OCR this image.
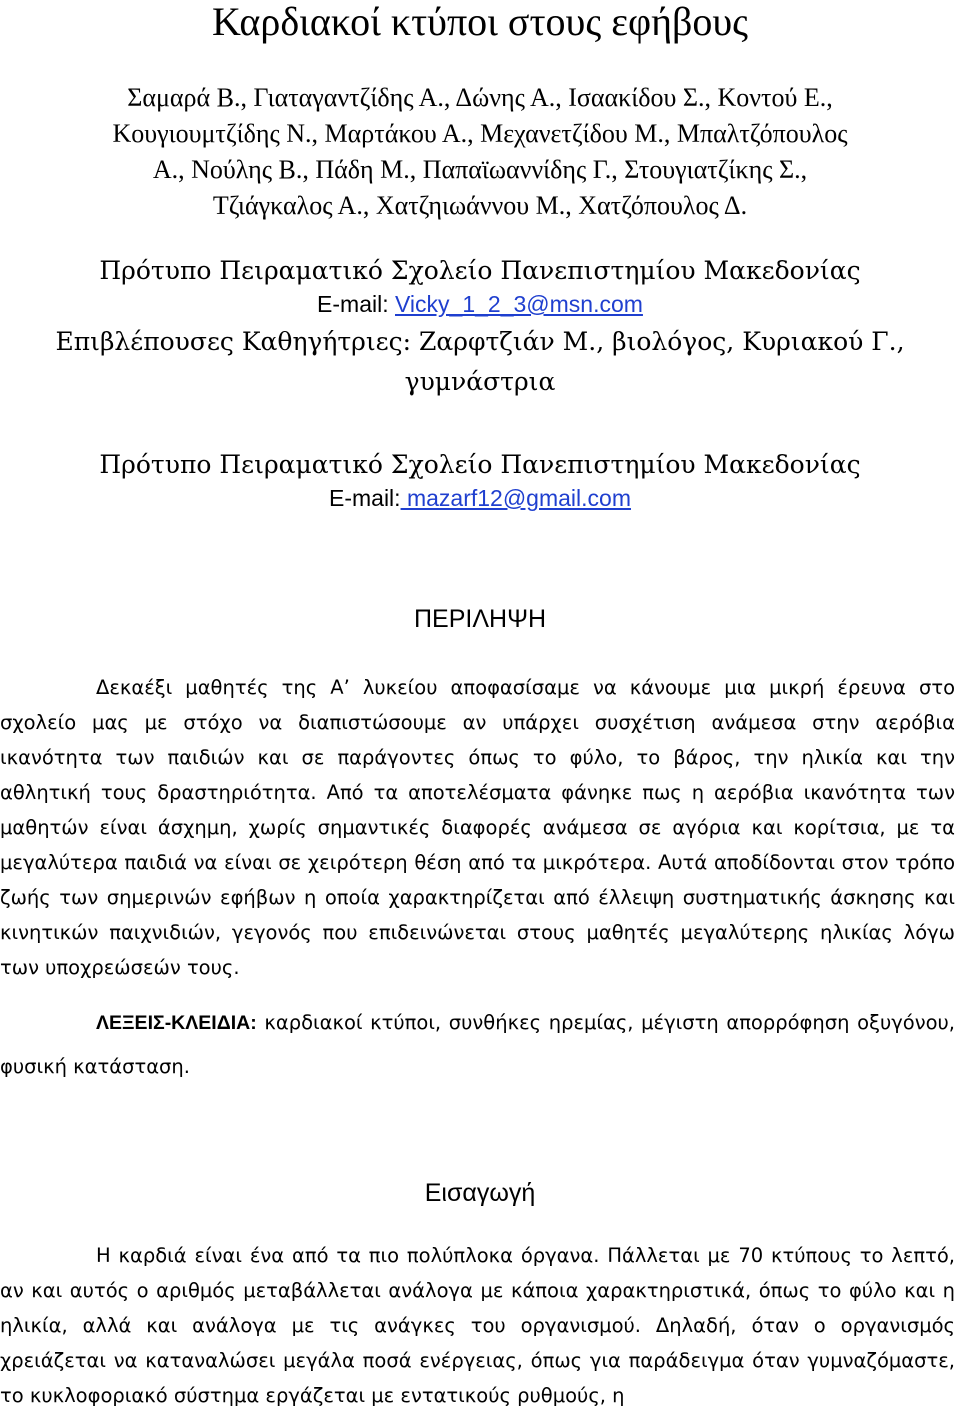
Καρδιακοί κτύποι στους εφήβους
Σαμαρά Β., Γιαταγαντζίδης Α., Δώνης Α., Ισαακίδου Σ., Κοντού Ε.,
Κουγιουμτζίδης Ν., Μαρτάκου Α., Μεχανετζίδου Μ., Μπαλτζόπουλος
Α., Νούλης Β., Πάδη Μ., Παπαϊωαννίδης Γ., Στουγιατζίκης Σ.,
Τζιάγκαλος Α., Χατζηιωάννου Μ., Χατζόπουλος Δ.

Πρότυπο Πειραματικό Σχολείο Πανεπιστημίου Μακεδονίας

E-mail: Vicky_1_2_3@msn.com

Επιβλέπουσες Καθηγήτριες: Ζαρφτζιάν Μ., βιολόγος, Κυριακού Γ.,
γυμνάστρια

Πρότυπο Πειραματικό Σχολείο Πανεπιστημίου Μακεδονίας

E-mail: mazarf12@gmail.com

ΠΕΡΙΛΗΨΗ

Δεκαέξι μαθητές της Α’ λυκείου αποφασίσαμε να κάνουμε μια μικρή έρευνα στο σχολείο μας με στόχο να διαπιστώσουμε αν υπάρχει συσχέτιση ανάμεσα στην αερόβια ικανότητα των παιδιών και σε παράγοντες όπως το φύλο, το βάρος, την ηλικία και την αθλητική τους δραστηριότητα. Από τα αποτελέσματα φάνηκε πως η αερόβια ικανότητα των μαθητών είναι άσχημη, χωρίς σημαντικές διαφορές ανάμεσα σε αγόρια και κορίτσια, με τα μεγαλύτερα παιδιά να είναι σε χειρότερη θέση από τα μικρότερα. Αυτά αποδίδονται στον τρόπο ζωής των σημερινών εφήβων η οποία χαρακτηρίζεται από έλλειψη συστηματικής άσκησης και κινητικών παιχνιδιών, γεγονός που επιδεινώνεται στους μαθητές μεγαλύτερης ηλικίας λόγω των υποχρεώσεών τους.

ΛΕΞΕΙΣ-ΚΛΕΙΔΙΑ: καρδιακοί κτύποι, συνθήκες ηρεμίας, μέγιστη απορρόφηση οξυγόνου, φυσική κατάσταση.

Εισαγωγή

Η καρδιά είναι ένα από τα πιο πολύπλοκα όργανα. Πάλλεται με 70 κτύπους το λεπτό, αν και αυτός ο αριθμός μεταβάλλεται ανάλογα με κάποια χαρακτηριστικά, όπως το φύλο και η ηλικία, αλλά και ανάλογα με τις ανάγκες του οργανισμού. Δηλαδή, όταν ο οργανισμός χρειάζεται να καταναλώσει μεγάλα ποσά ενέργειας, όπως για παράδειγμα όταν γυμναζόμαστε, το κυκλοφοριακό σύστημα εργάζεται με εντατικούς ρυθμούς, η
